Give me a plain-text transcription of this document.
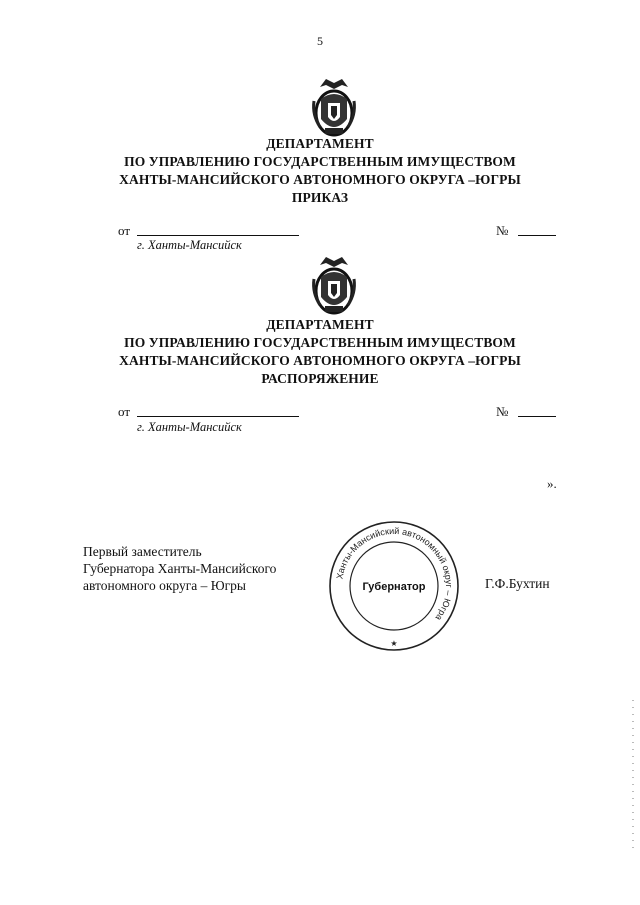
5
ДЕПАРТАМЕНТ
ПО УПРАВЛЕНИЮ ГОСУДАРСТВЕННЫМ ИМУЩЕСТВОМ
ХАНТЫ-МАНСИЙСКОГО АВТОНОМНОГО ОКРУГА –ЮГРЫ
ПРИКАЗ
от	№
г. Ханты-Мансийск
ДЕПАРТАМЕНТ
ПО УПРАВЛЕНИЮ ГОСУДАРСТВЕННЫМ ИМУЩЕСТВОМ
ХАНТЫ-МАНСИЙСКОГО АВТОНОМНОГО ОКРУГА –ЮГРЫ
РАСПОРЯЖЕНИЕ
от	№
г. Ханты-Мансийск
».
Первый заместитель
Губернатора Ханты-Мансийского
автономного округа – Югры
Ханты-Мансийский автономный округ – Югра
Губернатор
★
Г.Ф.Бухтин
